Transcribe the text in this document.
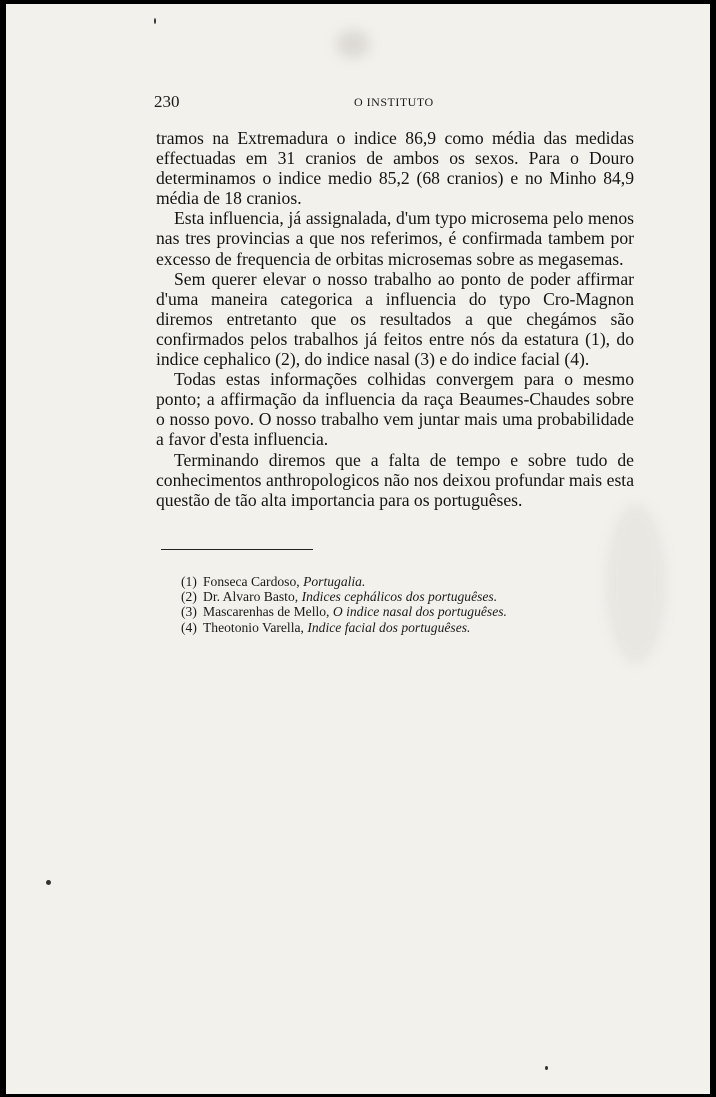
230	O INSTITUTO

tramos na Extremadura o indice 86,9 como média das medidas effectuadas em 31 cranios de ambos os sexos. Para o Douro determinamos o indice medio 85,2 (68 cranios) e no Minho 84,9 média de 18 cranios.

Esta influencia, já assignalada, d'um typo microsema pelo menos nas tres provincias a que nos referimos, é confirmada tambem por excesso de frequencia de orbitas microsemas sobre as megasemas.

Sem querer elevar o nosso trabalho ao ponto de poder affirmar d'uma maneira categorica a influencia do typo Cro-Magnon diremos entretanto que os resultados a que chegámos são confirmados pelos trabalhos já feitos entre nós da estatura (1), do indice cephalico (2), do indice nasal (3) e do indice facial (4).

Todas estas informações colhidas convergem para o mesmo ponto; a affirmação da influencia da raça Beaumes-Chaudes sobre o nosso povo. O nosso trabalho vem juntar mais uma probabilidade a favor d'esta influencia.

Terminando diremos que a falta de tempo e sobre tudo de conhecimentos anthropologicos não nos deixou profundar mais esta questão de tão alta importancia para os portuguêses.

(1) Fonseca Cardoso, Portugalia.
(2) Dr. Alvaro Basto, Indices cephálicos dos portuguêses.
(3) Mascarenhas de Mello, O indice nasal dos portuguêses.
(4) Theotonio Varella, Indice facial dos portuguêses.
